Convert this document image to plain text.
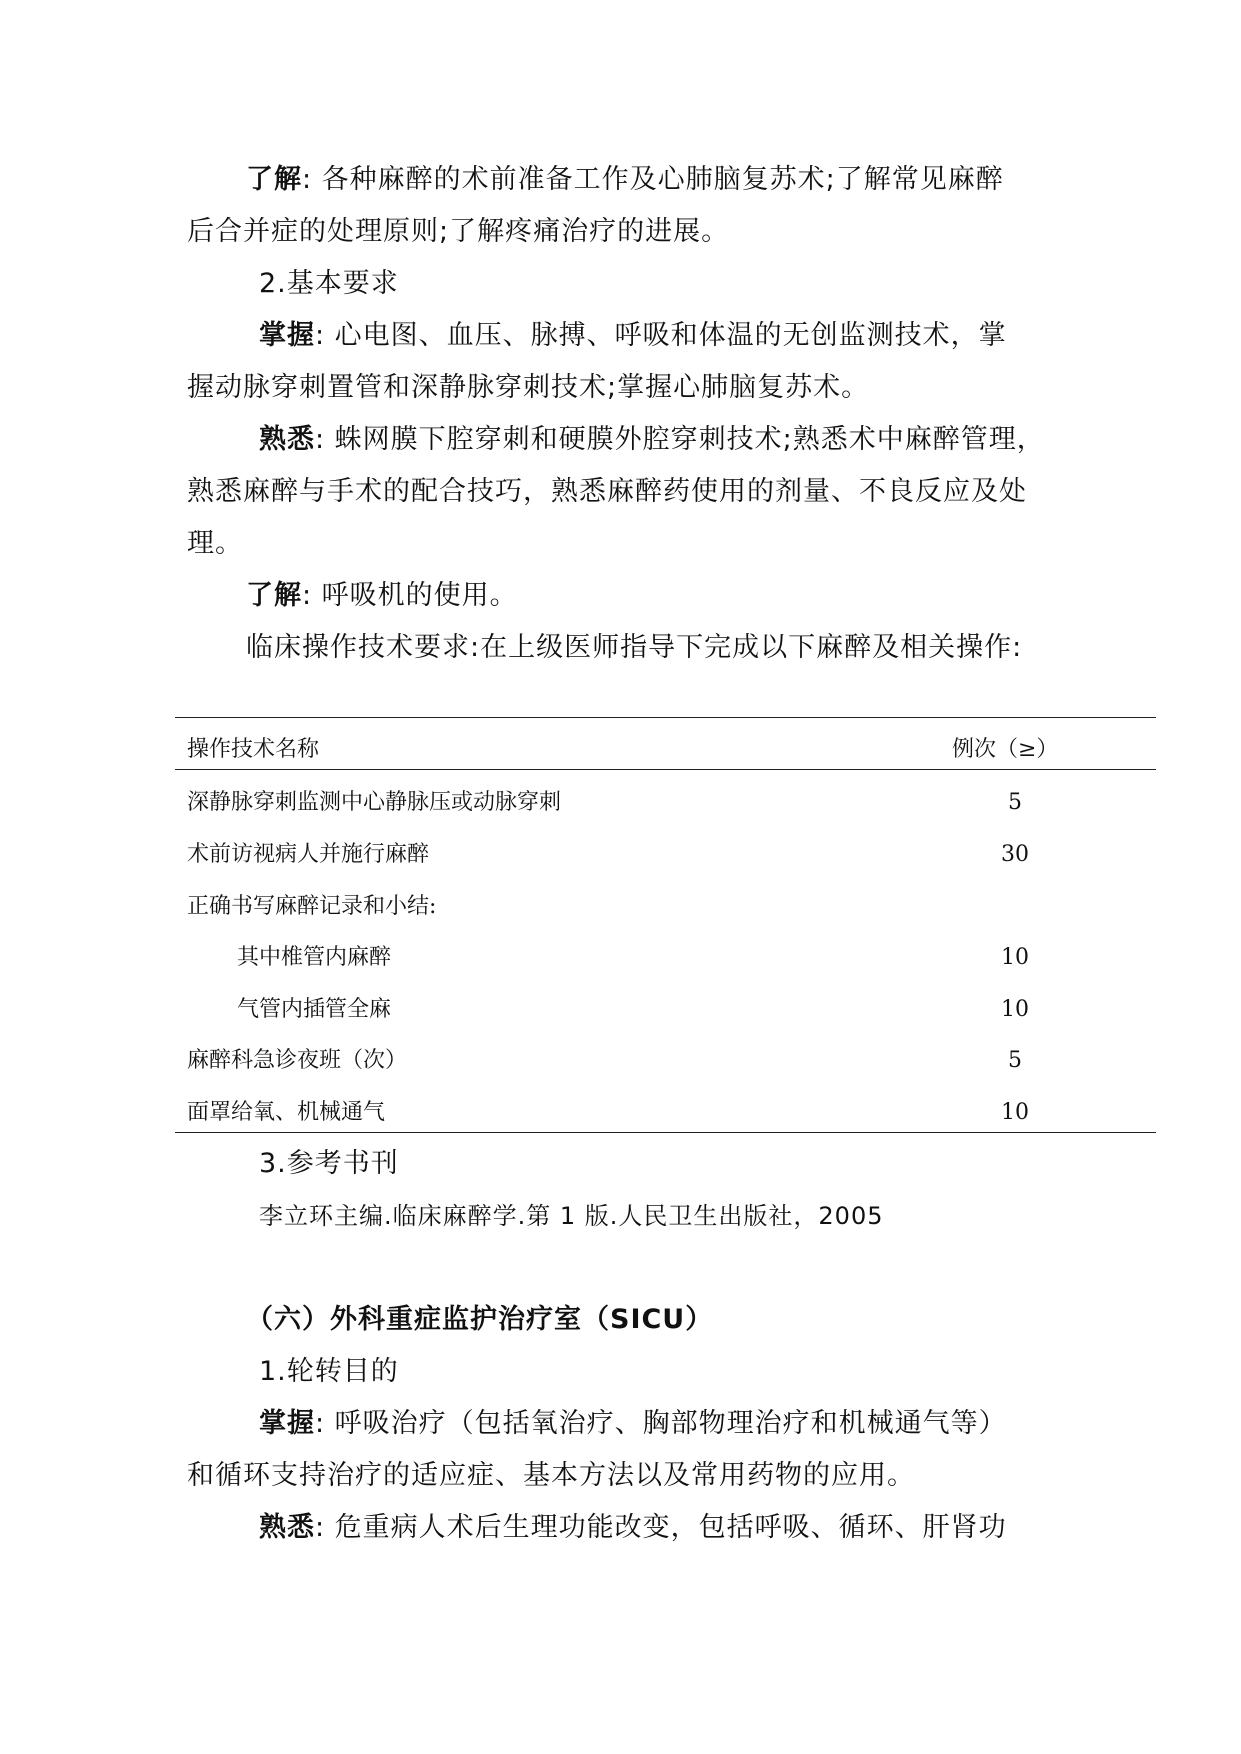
了解: 各种麻醉的术前准备工作及心肺脑复苏术;了解常见麻醉
后合并症的处理原则;了解疼痛治疗的进展。
2.基本要求
掌握: 心电图、血压、脉搏、呼吸和体温的无创监测技术，掌
握动脉穿刺置管和深静脉穿刺技术;掌握心肺脑复苏术。
熟悉: 蛛网膜下腔穿刺和硬膜外腔穿刺技术;熟悉术中麻醉管理，
熟悉麻醉与手术的配合技巧，熟悉麻醉药使用的剂量、不良反应及处
理。
了解: 呼吸机的使用。
临床操作技术要求:在上级医师指导下完成以下麻醉及相关操作:
操作技术名称	例次（≥）
深静脉穿刺监测中心静脉压或动脉穿刺	5
术前访视病人并施行麻醉	30
正确书写麻醉记录和小结:
其中椎管内麻醉	10
气管内插管全麻	10
麻醉科急诊夜班（次）	5
面罩给氧、机械通气	10
3.参考书刊
李立环主编.临床麻醉学.第 1 版.人民卫生出版社，2005
（六）外科重症监护治疗室（SICU）
1.轮转目的
掌握: 呼吸治疗（包括氧治疗、胸部物理治疗和机械通气等）
和循环支持治疗的适应症、基本方法以及常用药物的应用。
熟悉: 危重病人术后生理功能改变，包括呼吸、循环、肝肾功
